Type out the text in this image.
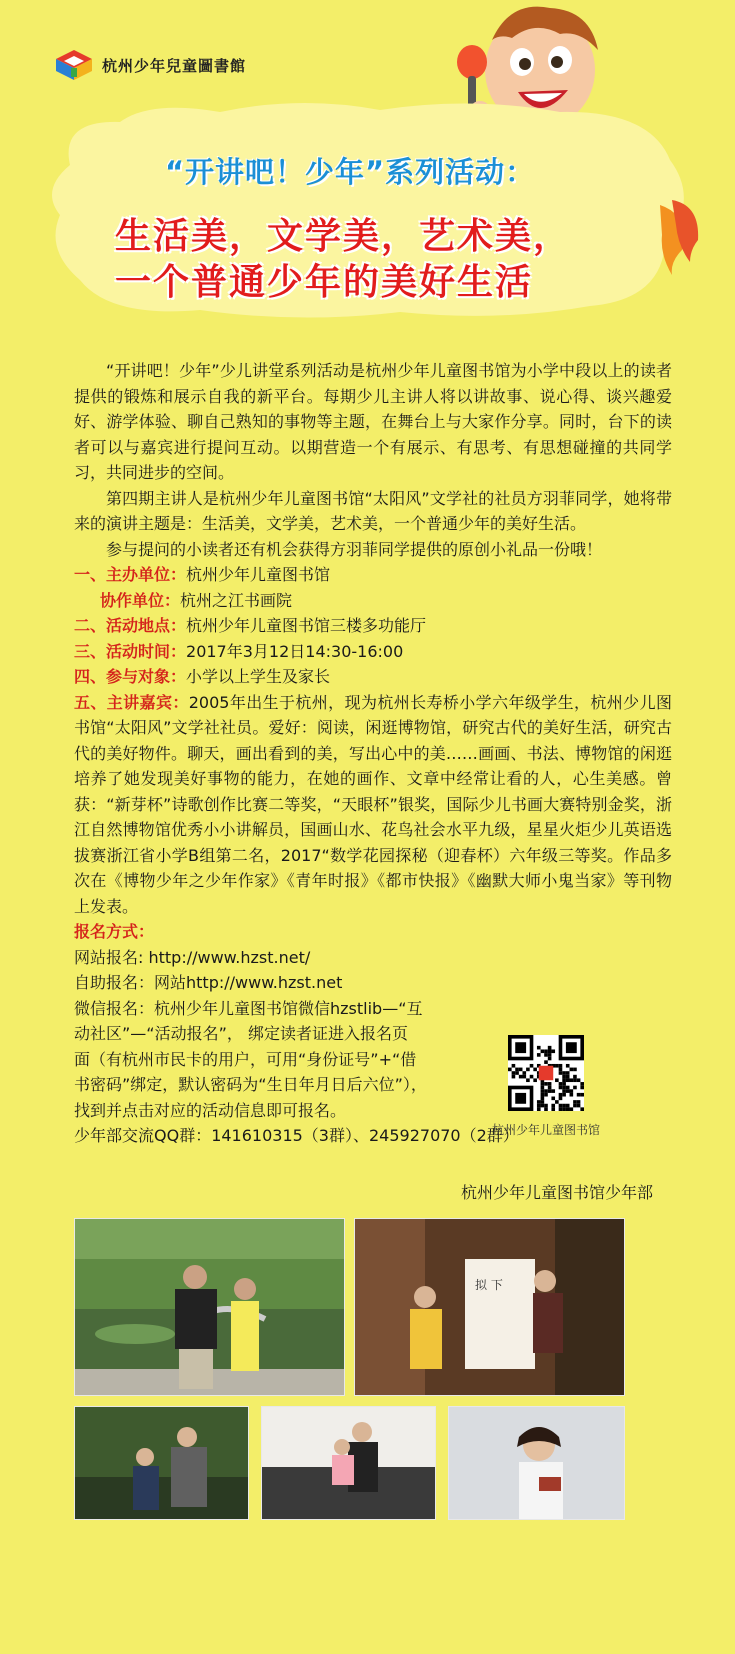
杭州少年兒童圖書館
“开讲吧！少年”系列活动：
生活美，文学美，艺术美，
一个普通少年的美好生活

“开讲吧！少年”少儿讲堂系列活动是杭州少年儿童图书馆为小学中段以上的读者提供的锻炼和展示自我的新平台。每期少儿主讲人将以讲故事、说心得、谈兴趣爱好、游学体验、聊自己熟知的事物等主题，在舞台上与大家作分享。同时，台下的读者可以与嘉宾进行提问互动。以期营造一个有展示、有思考、有思想碰撞的共同学习，共同进步的空间。

第四期主讲人是杭州少年儿童图书馆“太阳风”文学社的社员方羽菲同学，她将带来的演讲主题是：生活美，文学美，艺术美，一个普通少年的美好生活。

参与提问的小读者还有机会获得方羽菲同学提供的原创小礼品一份哦！

一、主办单位： 杭州少年儿童图书馆
协作单位： 杭州之江书画院
二、活动地点： 杭州少年儿童图书馆三楼多功能厅
三、活动时间： 2017年3月12日14:30-16:00
四、参与对象： 小学以上学生及家长
五、主讲嘉宾：2005年出生于杭州，现为杭州长寿桥小学六年级学生，杭州少儿图书馆“太阳风”文学社社员。爱好：阅读，闲逛博物馆，研究古代的美好生活，研究古代的美好物件。聊天，画出看到的美，写出心中的美……画画、书法、博物馆的闲逛培养了她发现美好事物的能力，在她的画作、文章中经常让看的人，心生美感。曾获：“新芽杯”诗歌创作比赛二等奖，“天眼杯”银奖，国际少儿书画大赛特别金奖，浙江自然博物馆优秀小小讲解员，国画山水、花鸟社会水平九级，星星火炬少儿英语选拔赛浙江省小学B组第二名，2017“数学花园探秘（迎春杯）六年级三等奖。作品多次在《博物少年之少年作家》《青年时报》《都市快报》《幽默大师小鬼当家》等刊物上发表。
报名方式：

网站报名: http://www.hzst.net/

自助报名：网站http://www.hzst.net

微信报名：杭州少年儿童图书馆微信hzstlib—“互

动社区”—“活动报名”， 绑定读者证进入报名页

面（有杭州市民卡的用户，可用“身份证号”+“借

书密码”绑定，默认密码为“生日年月日后六位”），

找到并点击对应的活动信息即可报名。

少年部交流QQ群：141610315（3群）、245927070（2群）

杭州少年儿童图书馆
杭州少年儿童图书馆少年部
拟 下
